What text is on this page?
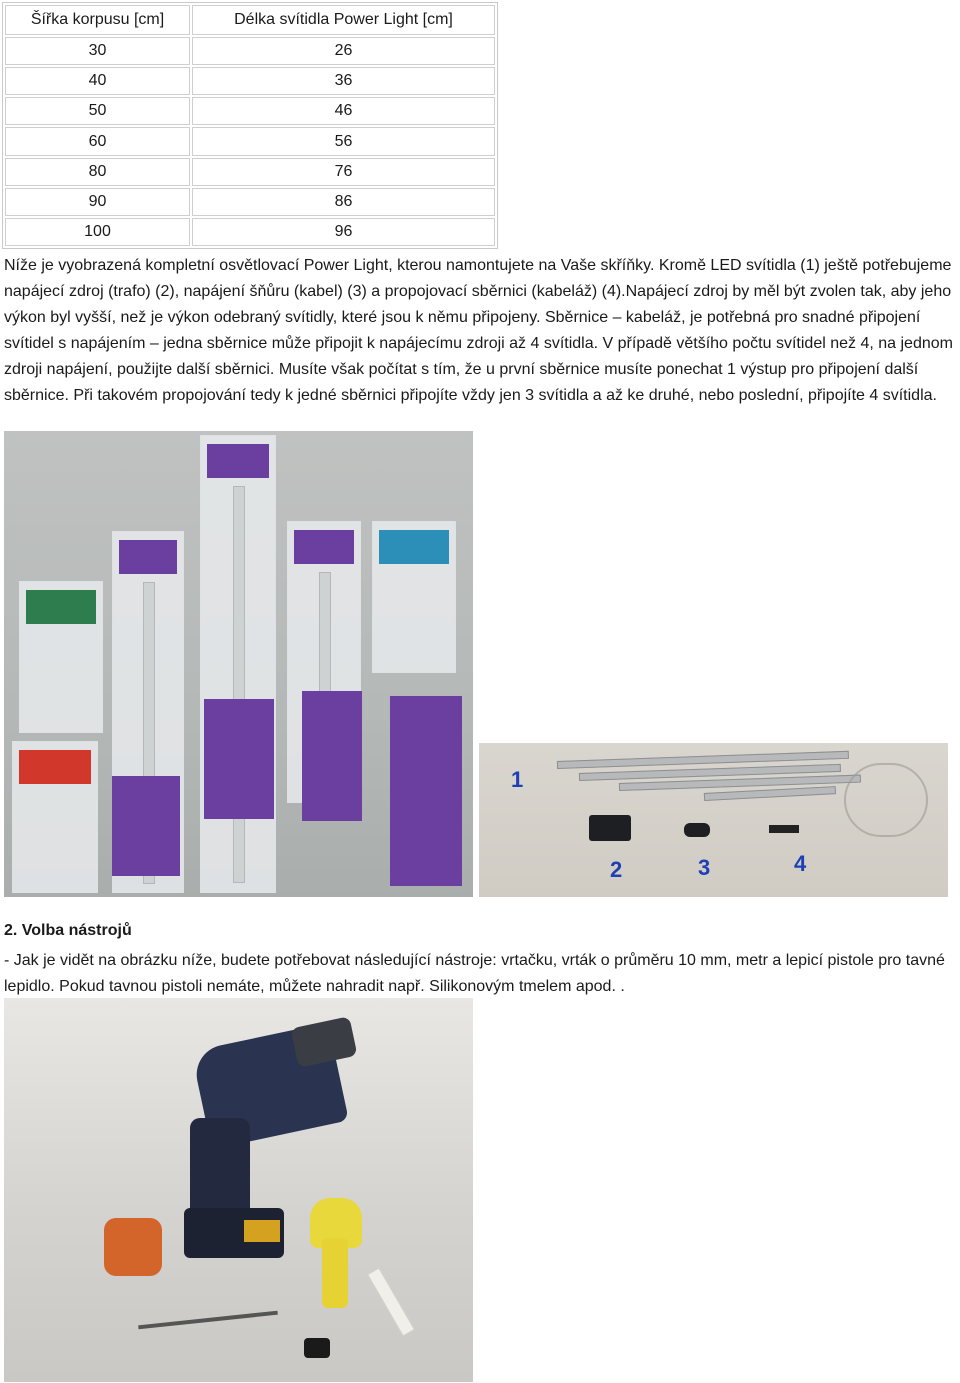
Šířka korpusu [cm]	Délka svítidla Power Light [cm]
30	26
40	36
50	46
60	56
80	76
90	86
100	96

Níže je vyobrazená kompletní osvětlovací Power Light, kterou namontujete na Vaše skříňky. Kromě LED svítidla (1) ještě potřebujeme napájecí zdroj (trafo) (2), napájení šňůru (kabel) (3) a propojovací sběrnici (kabeláž) (4).Napájecí zdroj by měl být zvolen tak, aby jeho výkon byl vyšší, než je výkon odebraný svítidly, které jsou k němu připojeny. Sběrnice – kabeláž, je potřebná pro snadné připojení svítidel s napájením – jedna sběrnice může připojit k napájecímu zdroji až 4 svítidla. V případě většího počtu svítidel než 4, na jednom zdroji napájení, použijte další sběrnici. Musíte však počítat s tím, že u první sběrnice musíte ponechat 1 výstup pro připojení další sběrnice. Při takovém propojování tedy k jedné sběrnici připojíte vždy jen 3 svítidla a až ke druhé, nebo poslední, připojíte 4 svítidla.

1
2	3	4
2. Volba nástrojů

- Jak je vidět na obrázku níže, budete potřebovat následující nástroje: vrtačku, vrták o průměru 10 mm, metr a lepicí pistole pro tavné lepidlo. Pokud tavnou pistoli nemáte, můžete nahradit např. Silikonovým tmelem apod. .
